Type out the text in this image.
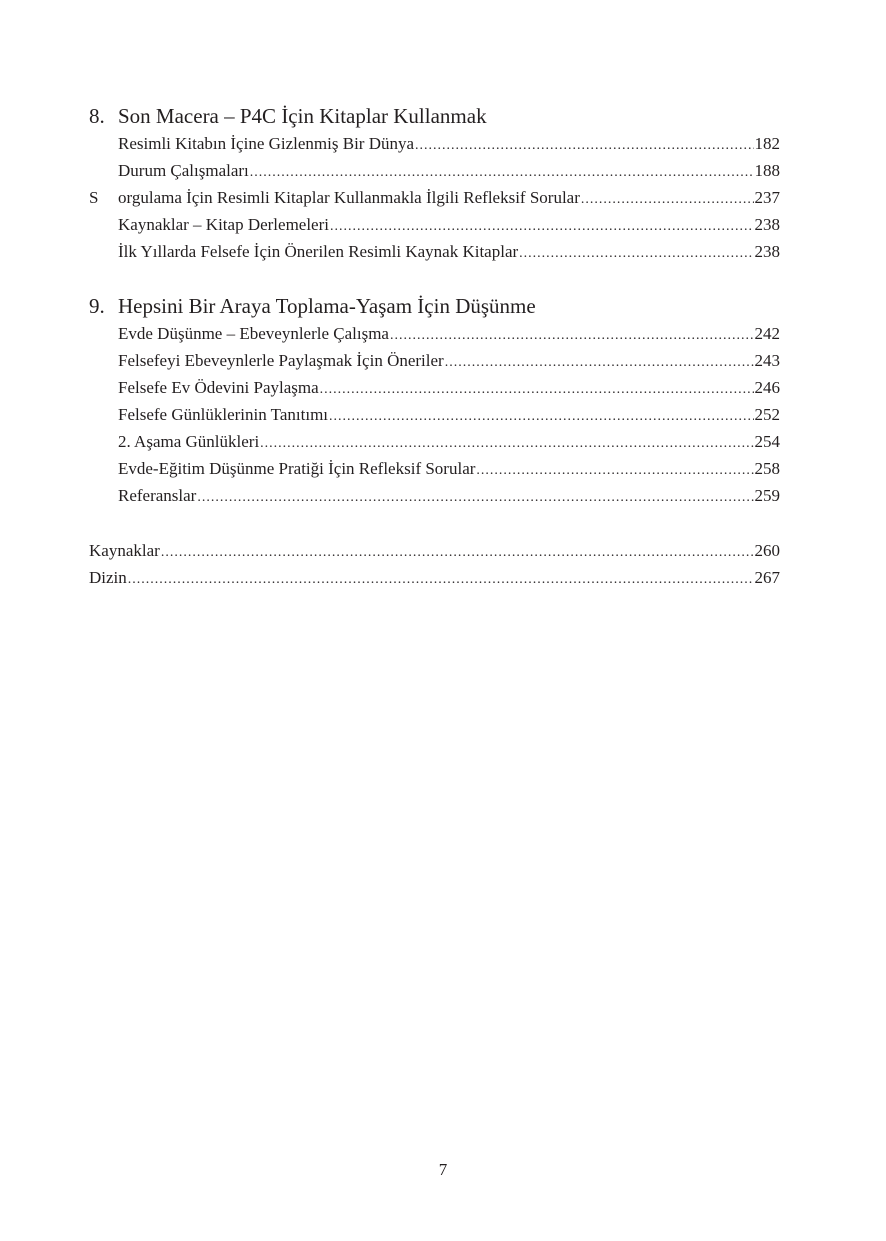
8. Son Macera – P4C İçin Kitaplar Kullanmak
Resimli Kitabın İçine Gizlenmiş Bir Dünya .....	182
Durum Çalışmaları .....	188
S	orgulama İçin Resimli Kitaplar Kullanmakla İlgili Refleksif Sorular .....	237
Kaynaklar – Kitap Derlemeleri .....	238
İlk Yıllarda Felsefe İçin Önerilen Resimli Kaynak Kitaplar .....	238
9. Hepsini Bir Araya Toplama-Yaşam İçin Düşünme
Evde Düşünme – Ebeveynlerle Çalışma .....	242
Felsefeyi Ebeveynlerle Paylaşmak İçin Öneriler .....	243
Felsefe Ev Ödevini Paylaşma .....	246
Felsefe Günlüklerinin Tanıtımı .....	252
2. Aşama Günlükleri .....	254
Evde-Eğitim Düşünme Pratiği İçin Refleksif Sorular .....	258
Referanslar .....	259
Kaynaklar .....	260
Dizin .....	267
7
